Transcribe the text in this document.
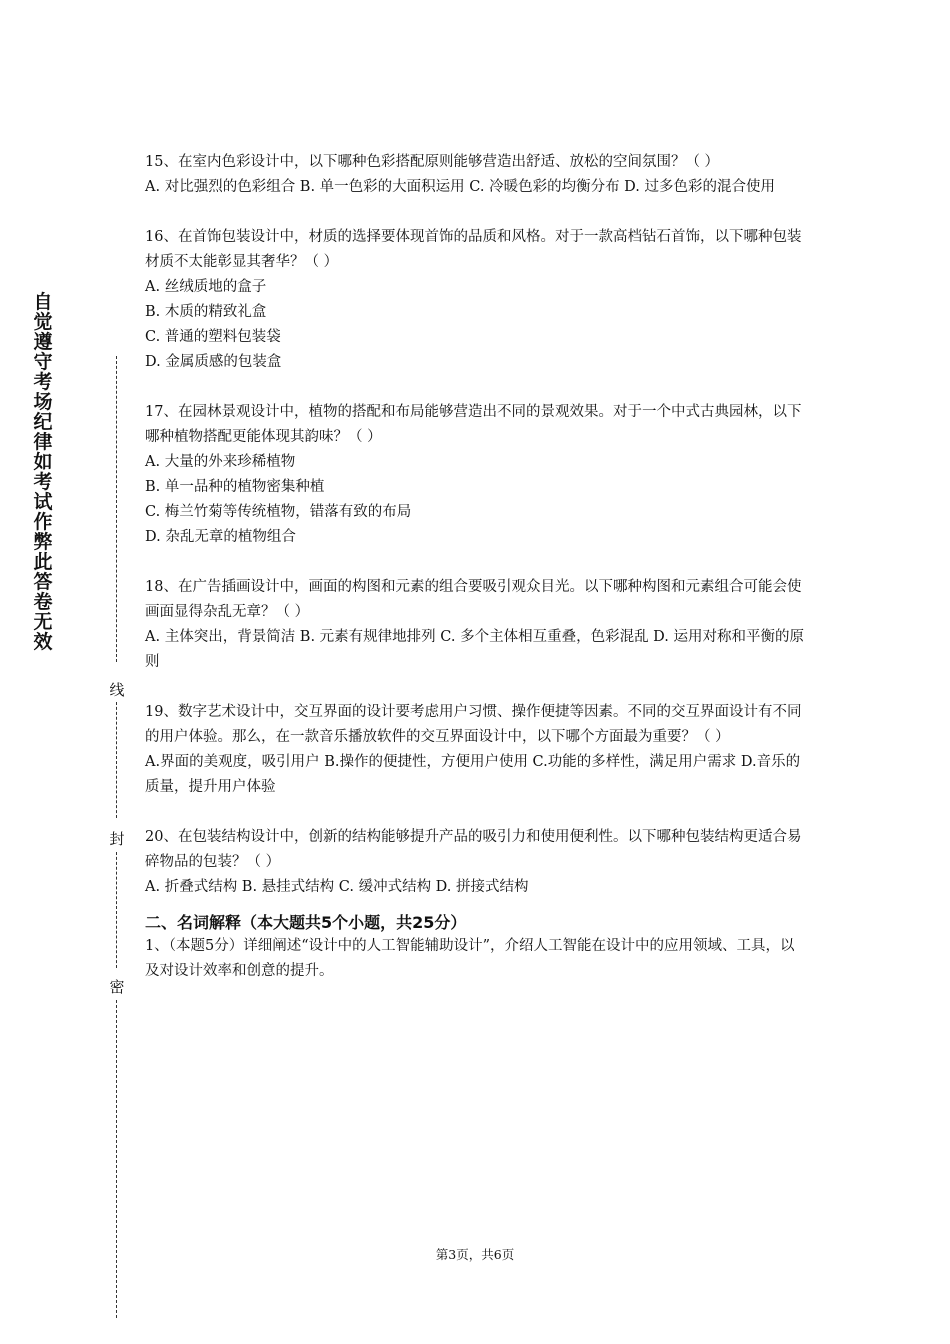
自觉遵守考场纪律如考试作弊此答卷无效
线
封
密

15、在室内色彩设计中，以下哪种色彩搭配原则能够营造出舒适、放松的空间氛围？（ ）

A. 对比强烈的色彩组合 B. 单一色彩的大面积运用 C. 冷暖色彩的均衡分布 D. 过多色彩的混合使用

16、在首饰包装设计中，材质的选择要体现首饰的品质和风格。对于一款高档钻石首饰，以下哪种包装材质不太能彰显其奢华？（ ）

A. 丝绒质地的盒子

B. 木质的精致礼盒

C. 普通的塑料包装袋

D. 金属质感的包装盒

17、在园林景观设计中，植物的搭配和布局能够营造出不同的景观效果。对于一个中式古典园林，以下哪种植物搭配更能体现其韵味？（ ）

A. 大量的外来珍稀植物

B. 单一品种的植物密集种植

C. 梅兰竹菊等传统植物，错落有致的布局

D. 杂乱无章的植物组合

18、在广告插画设计中，画面的构图和元素的组合要吸引观众目光。以下哪种构图和元素组合可能会使画面显得杂乱无章？（ ）

A. 主体突出，背景简洁 B. 元素有规律地排列 C. 多个主体相互重叠，色彩混乱 D. 运用对称和平衡的原则

19、数字艺术设计中，交互界面的设计要考虑用户习惯、操作便捷等因素。不同的交互界面设计有不同的用户体验。那么，在一款音乐播放软件的交互界面设计中，以下哪个方面最为重要？（ ）

A.界面的美观度，吸引用户 B.操作的便捷性，方便用户使用 C.功能的多样性，满足用户需求 D.音乐的质量，提升用户体验

20、在包装结构设计中，创新的结构能够提升产品的吸引力和使用便利性。以下哪种包装结构更适合易碎物品的包装？（ ）

A. 折叠式结构 B. 悬挂式结构 C. 缓冲式结构 D. 拼接式结构

二、名词解释（本大题共5个小题，共25分）

1、（本题5分）详细阐述“设计中的人工智能辅助设计”，介绍人工智能在设计中的应用领域、工具，以及对设计效率和创意的提升。

第3页，共6页
